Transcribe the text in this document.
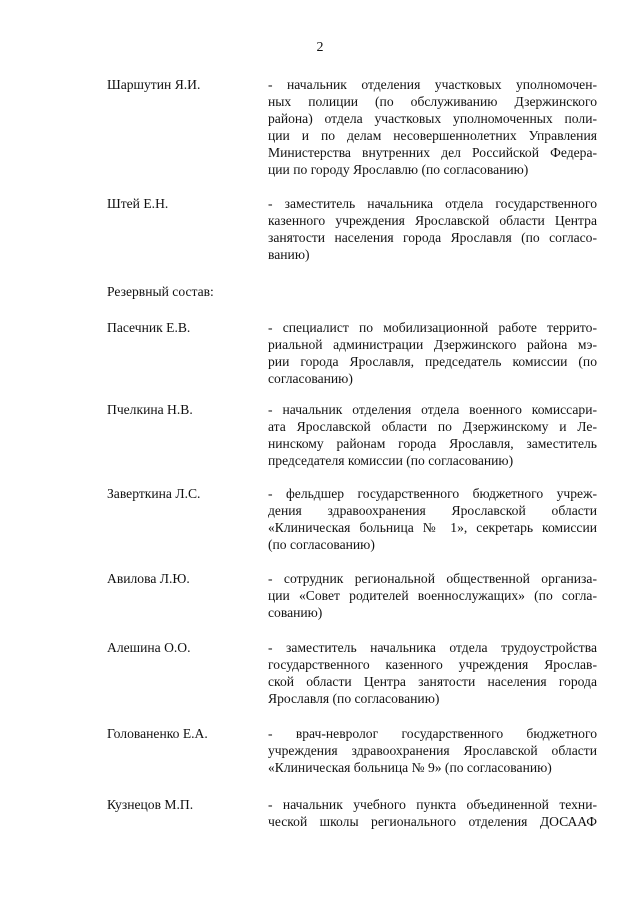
2
Шаршутин Я.И.	- начальник отделения участковых уполномочен-
ных полиции (по обслуживанию Дзержинского
района) отдела участковых уполномоченных поли-
ции и по делам несовершеннолетних Управления
Министерства внутренних дел Российской Федера-
ции по городу Ярославлю (по согласованию)
Штей Е.Н.	- заместитель начальника отдела государственного
казенного учреждения Ярославской области Центра
занятости населения города Ярославля (по согласо-
ванию)
Резервный состав:
Пасечник Е.В.	- специалист по мобилизационной работе террито-
риальной администрации Дзержинского района мэ-
рии города Ярославля, председатель комиссии (по
согласованию)
Пчелкина Н.В.	- начальник отделения отдела военного комиссари-
ата Ярославской области по Дзержинскому и Ле-
нинскому районам города Ярославля, заместитель
председателя комиссии (по согласованию)
Заверткина Л.С.	- фельдшер государственного бюджетного учреж-
дения здравоохранения Ярославской области
«Клиническая больница № 1», секретарь комиссии
(по согласованию)
Авилова Л.Ю.	- сотрудник региональной общественной организа-
ции «Совет родителей военнослужащих» (по согла-
сованию)
Алешина О.О.	- заместитель начальника отдела трудоустройства
государственного казенного учреждения Ярослав-
ской области Центра занятости населения города
Ярославля (по согласованию)
Голованенко Е.А.	- врач-невролог государственного бюджетного
учреждения здравоохранения Ярославской области
«Клиническая больница № 9» (по согласованию)
Кузнецов М.П.	- начальник учебного пункта объединенной техни-
ческой школы регионального отделения ДОСААФ
